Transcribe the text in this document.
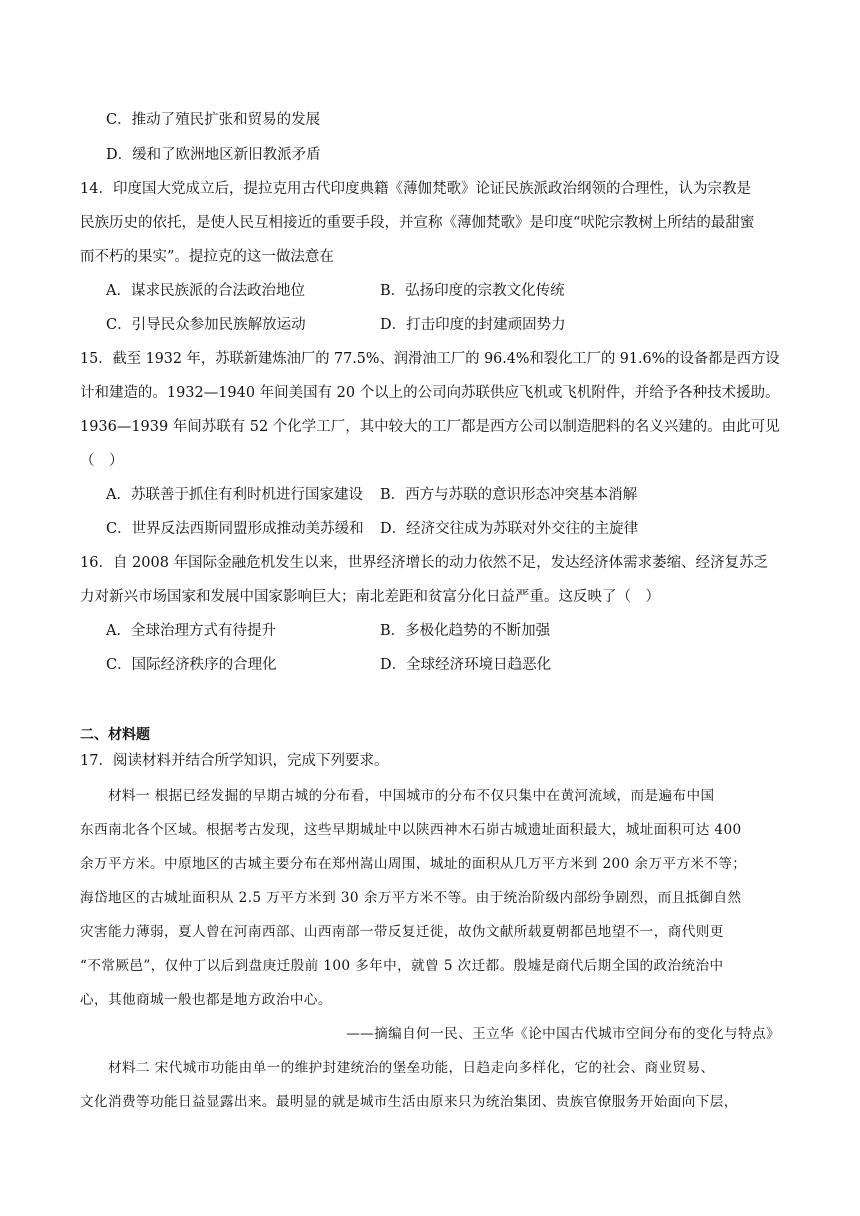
C．推动了殖民扩张和贸易的发展
D．缓和了欧洲地区新旧教派矛盾
14．印度国大党成立后，提拉克用古代印度典籍《薄伽梵歌》论证民族派政治纲领的合理性，认为宗教是
民族历史的依托，是使人民互相接近的重要手段，并宣称《薄伽梵歌》是印度“吠陀宗教树上所结的最甜蜜
而不朽的果实”。提拉克的这一做法意在
A．谋求民族派的合法政治地位	B．弘扬印度的宗教文化传统
C．引导民众参加民族解放运动	D．打击印度的封建顽固势力
15．截至 1932 年，苏联新建炼油厂的 77.5%、润滑油工厂的 96.4%和裂化工厂的 91.6%的设备都是西方设
计和建造的。1932—1940 年间美国有 20 个以上的公司向苏联供应飞机或飞机附件，并给予各种技术援助。
1936—1939 年间苏联有 52 个化学工厂，其中较大的工厂都是西方公司以制造肥料的名义兴建的。由此可见
（　）
A．苏联善于抓住有利时机进行国家建设 B．西方与苏联的意识形态冲突基本消解
C．世界反法西斯同盟形成推动美苏缓和 D．经济交往成为苏联对外交往的主旋律
16．自 2008 年国际金融危机发生以来，世界经济增长的动力依然不足，发达经济体需求萎缩、经济复苏乏
力对新兴市场国家和发展中国家影响巨大；南北差距和贫富分化日益严重。这反映了（　）
A．全球治理方式有待提升	B．多极化趋势的不断加强
C．国际经济秩序的合理化	D．全球经济环境日趋恶化
二、材料题
17．阅读材料并结合所学知识，完成下列要求。
　　材料一 根据已经发掘的早期古城的分布看，中国城市的分布不仅只集中在黄河流域，而是遍布中国
东西南北各个区域。根据考古发现，这些早期城址中以陕西神木石峁古城遗址面积最大，城址面积可达 400
余万平方米。中原地区的古城主要分布在郑州嵩山周围，城址的面积从几万平方米到 200 余万平方米不等；
海岱地区的古城址面积从 2.5 万平方米到 30 余万平方米不等。由于统治阶级内部纷争剧烈，而且抵御自然
灾害能力薄弱，夏人曾在河南西部、山西南部一带反复迁徙，故伪文献所载夏朝都邑地望不一，商代则更
“不常厥邑”，仅仲丁以后到盘庚迁殷前 100 多年中，就曾 5 次迁都。殷墟是商代后期全国的政治统治中
心，其他商城一般也都是地方政治中心。
——摘编自何一民、王立华《论中国古代城市空间分布的变化与特点》
　　材料二 宋代城市功能由单一的维护封建统治的堡垒功能，日趋走向多样化，它的社会、商业贸易、
文化消费等功能日益显露出来。最明显的就是城市生活由原来只为统治集团、贵族官僚服务开始面向下层，
